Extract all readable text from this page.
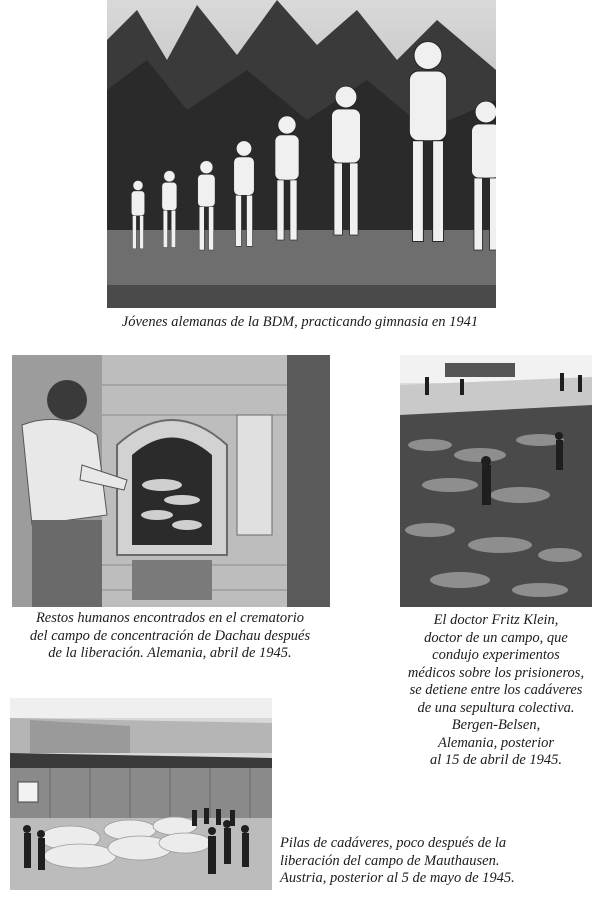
Jóvenes alemanas de la BDM, practicando gimnasia en 1941
Restos humanos encontrados en el crematorio
del campo de concentración de Dachau después
de la liberación. Alemania, abril de 1945.
El doctor Fritz Klein,
doctor de un campo, que
condujo experimentos
médicos sobre los prisioneros,
se detiene entre los cadáveres
de una sepultura colectiva.
Bergen-Belsen,
Alemania, posterior
al 15 de abril de 1945.
Pilas de cadáveres, poco después de la
liberación del campo de Mauthausen.
Austria, posterior al 5 de mayo de 1945.
